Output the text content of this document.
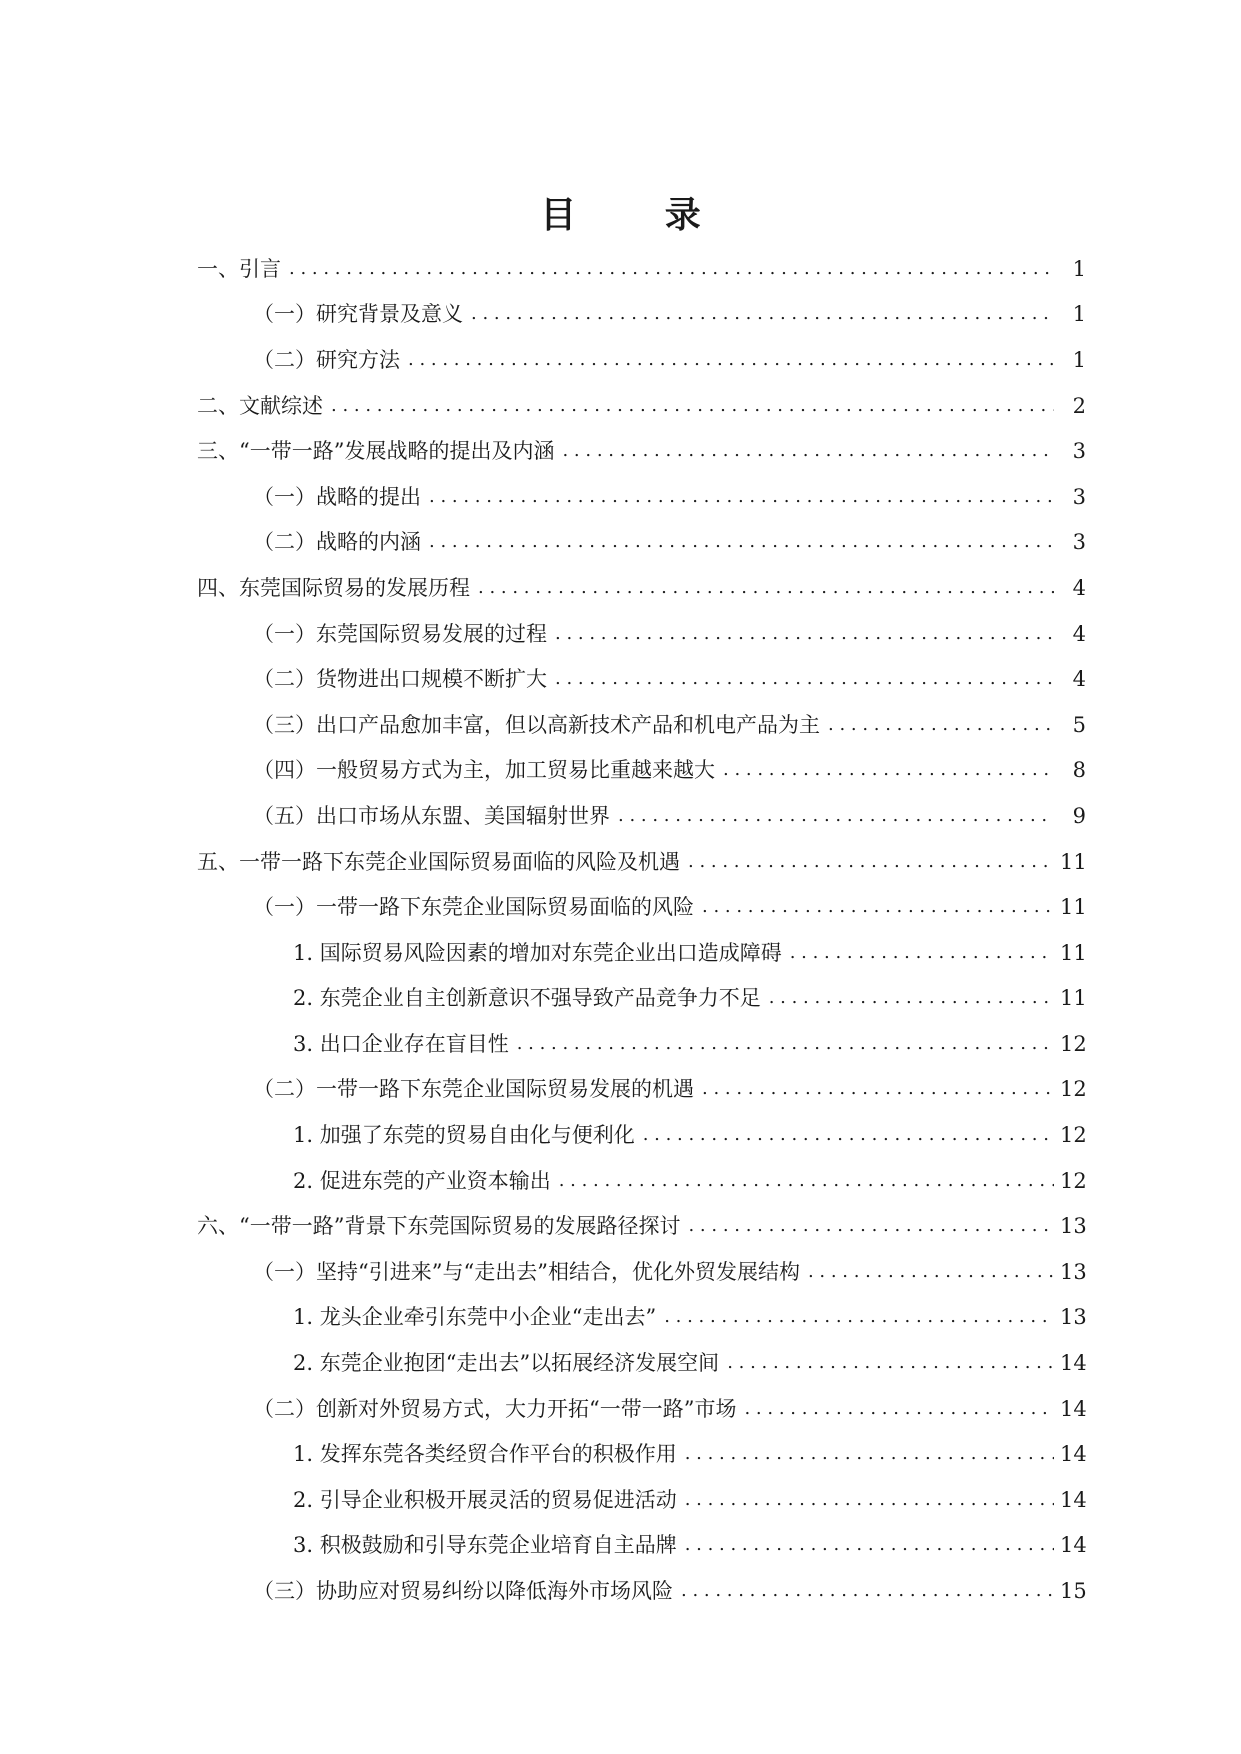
目 录
一、引言 . . .	1
（一）研究背景及意义 . . .	1
（二）研究方法 . . .	1
二、文献综述 . . .	2
三、“一带一路”发展战略的提出及内涵 . . .	3
（一）战略的提出 . . .	3
（二）战略的内涵 . . .	3
四、东莞国际贸易的发展历程 . . .	4
（一）东莞国际贸易发展的过程 . . .	4
（二）货物进出口规模不断扩大 . . .	4
（三）出口产品愈加丰富，但以高新技术产品和机电产品为主 . . .	5
（四）一般贸易方式为主，加工贸易比重越来越大 . . .	8
（五）出口市场从东盟、美国辐射世界 . . .	9
五、一带一路下东莞企业国际贸易面临的风险及机遇 . . .	11
（一）一带一路下东莞企业国际贸易面临的风险 . . .	11
1. 国际贸易风险因素的增加对东莞企业出口造成障碍 . . .	11
2. 东莞企业自主创新意识不强导致产品竞争力不足 . . .	11
3. 出口企业存在盲目性 . . .	12
（二）一带一路下东莞企业国际贸易发展的机遇 . . .	12
1. 加强了东莞的贸易自由化与便利化 . . .	12
2. 促进东莞的产业资本输出 . . .	12
六、“一带一路”背景下东莞国际贸易的发展路径探讨 . . .	13
（一）坚持“引进来”与“走出去”相结合，优化外贸发展结构 . . .	13
1. 龙头企业牵引东莞中小企业“走出去” . . .	13
2. 东莞企业抱团“走出去”以拓展经济发展空间 . . .	14
（二）创新对外贸易方式，大力开拓“一带一路”市场 . . .	14
1. 发挥东莞各类经贸合作平台的积极作用 . . .	14
2. 引导企业积极开展灵活的贸易促进活动 . . .	14
3. 积极鼓励和引导东莞企业培育自主品牌 . . .	14
（三）协助应对贸易纠纷以降低海外市场风险 . . .	15
